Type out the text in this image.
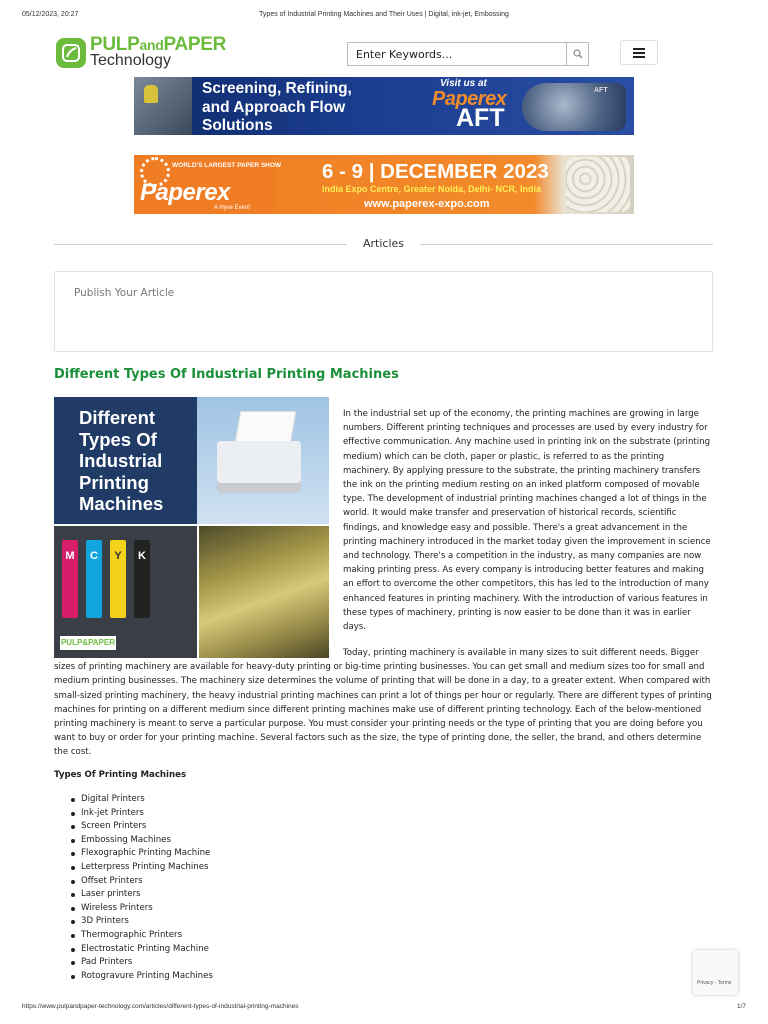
05/12/2023, 20:27	Types of Industrial Printing Machines and Their Uses | Digital, ink-jet, Embossing
PULPandPAPER
Technology
Enter Keywords...
Screening, Refining,
and Approach Flow
Solutions
Visit us at
Paperex
AFT
AFT
WORLD'S LARGEST PAPER SHOW
Paperex
A Hyve Event
6 - 9 | DECEMBER 2023
India Expo Centre, Greater Noida, Delhi- NCR, India
www.paperex-expo.com
Articles
Publish Your Article
Different Types Of Industrial Printing Machines
Different
Types Of
Industrial
Printing
Machines
M	C	Y	K
PULP&PAPER

In the industrial set up of the economy, the printing machines are growing in large numbers. Different printing techniques and processes are used by every industry for effective communication. Any machine used in printing ink on the substrate (printing medium) which can be cloth, paper or plastic, is referred to as the printing machinery. By applying pressure to the substrate, the printing machinery transfers the ink on the printing medium resting on an inked platform composed of movable type. The development of industrial printing machines changed a lot of things in the world. It would make transfer and preservation of historical records, scientific findings, and knowledge easy and possible. There's a great advancement in the printing machinery introduced in the market today given the improvement in science and technology. There's a competition in the industry, as many companies are now making printing press. As every company is introducing better features and making an effort to overcome the other competitors, this has led to the introduction of many enhanced features in printing machinery. With the introduction of various features in these types of machinery, printing is now easier to be done than it was in earlier days.

Today, printing machinery is available in many sizes to suit different needs. Bigger sizes of printing machinery are available for heavy-duty printing or big-time printing businesses. You can get small and medium sizes too for small and medium printing businesses. The machinery size determines the volume of printing that will be done in a day, to a greater extent. When compared with small-sized printing machinery, the heavy industrial printing machines can print a lot of things per hour or regularly. There are different types of printing machines for printing on a different medium since different printing machines make use of different printing technology. Each of the below-mentioned printing machinery is meant to serve a particular purpose. You must consider your printing needs or the type of printing that you are doing before you want to buy or order for your printing machine. Several factors such as the size, the type of printing done, the seller, the brand, and others determine the cost.

Types Of Printing Machines
Digital Printers
Ink-jet Printers
Screen Printers
Embossing Machines
Flexographic Printing Machine
Letterpress Printing Machines
Offset Printers
Laser printers
Wireless Printers
3D Printers
Thermographic Printers
Electrostatic Printing Machine
Pad Printers
Rotogravure Printing Machines
Privacy - Terms
https://www.pulpandpaper-technology.com/articles/different-types-of-industrial-printing-machines	1/7
